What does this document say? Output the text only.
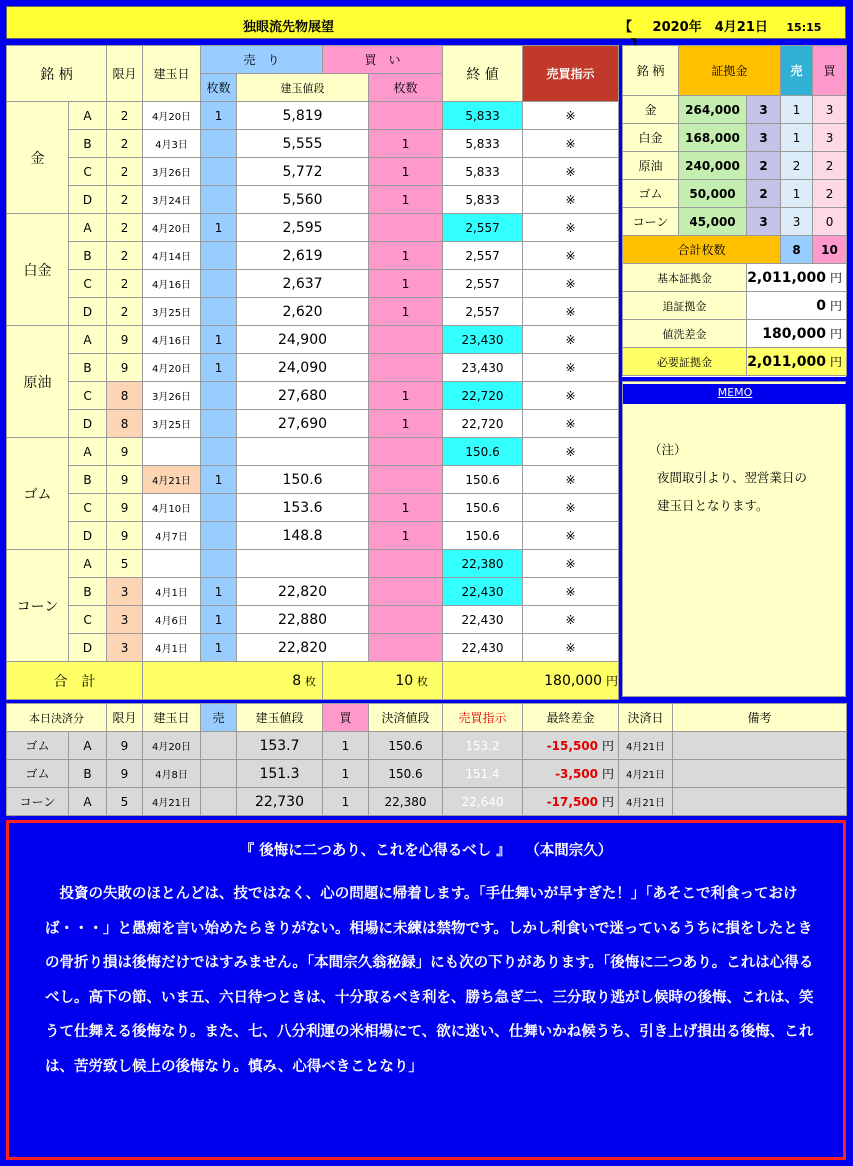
独眼流先物展望	【 2020年　4月21日 15:15
銘 柄		限月	建玉日	売　り		買　い		終 値	売買指示	
				枚数	建玉値段		枚数			
金	A	2	4月20日	1	5,819			5,833	※	
	B	2	4月3日		5,555		1	5,833	※	
	C	2	3月26日		5,772		1	5,833	※	
	D	2	3月24日		5,560		1	5,833	※	
白金	A	2	4月20日	1	2,595			2,557	※	
	B	2	4月14日		2,619		1	2,557	※	
	C	2	4月16日		2,637		1	2,557	※	
	D	2	3月25日		2,620		1	2,557	※	
原油	A	9	4月16日	1	24,900			23,430	※	
	B	9	4月20日	1	24,090			23,430	※	
	C	8	3月26日		27,680		1	22,720	※	
	D	8	3月25日		27,690		1	22,720	※	
ゴム	A	9						150.6	※	
	B	9	4月21日	1	150.6			150.6	※	
	C	9	4月10日		153.6		1	150.6	※	
	D	9	4月7日		148.8		1	150.6	※	
コーン	A	5						22,380	※	
	B	3	4月1日	1	22,820			22,430	※	
	C	3	4月6日	1	22,880			22,430	※	
	D	3	4月1日	1	22,820			22,430	※	
合　計			8 枚			10 枚		180,000 円		
銘 柄	証拠金		売	買
金	264,000	3	1	3
白金	168,000	3	1	3
原油	240,000	2	2	2
ゴム	50,000	2	1	2
コーン	45,000	3	3	0
合計枚数			8	10
基本証拠金		2,011,000 円		
追証拠金		0 円		
値洗差金		180,000 円		
必要証拠金		2,011,000 円		
MEMO
（注）
夜間取引より、翌営業日の
建玉日となります。
本日決済分		限月	建玉日	売	建玉値段	買	決済値段	売買指示	最終差金	決済日	備考
ゴム	A	9	4月20日		153.7	1	150.6	153.2	-15,500 円	4月21日	
ゴム	B	9	4月8日		151.3	1	150.6	151.4	-3,500 円	4月21日	
コーン	A	5	4月21日		22,730	1	22,380	22,640	-17,500 円	4月21日	
『 後悔に二つあり、これを心得るべし 』　　（本間宗久）
投資の失敗のほとんどは、技ではなく、心の問題に帰着します。「手仕舞いが早すぎた！」「あそこで利食っておけば・・・」と愚痴を言い始めたらきりがない。相場に未練は禁物です。しかし利食いで迷っているうちに損をしたときの骨折り損は後悔だけではすみません。「本間宗久翁秘録」にも次の下りがあります。「後悔に二つあり。これは心得るべし。高下の節、いま五、六日待つときは、十分取るべき利を、勝ち急ぎ二、三分取り逃がし候時の後悔、これは、笑うて仕舞える後悔なり。また、七、八分利運の米相場にて、欲に迷い、仕舞いかね候うち、引き上げ損出る後悔、これは、苦労致し候上の後悔なり。慎み、心得べきことなり」
